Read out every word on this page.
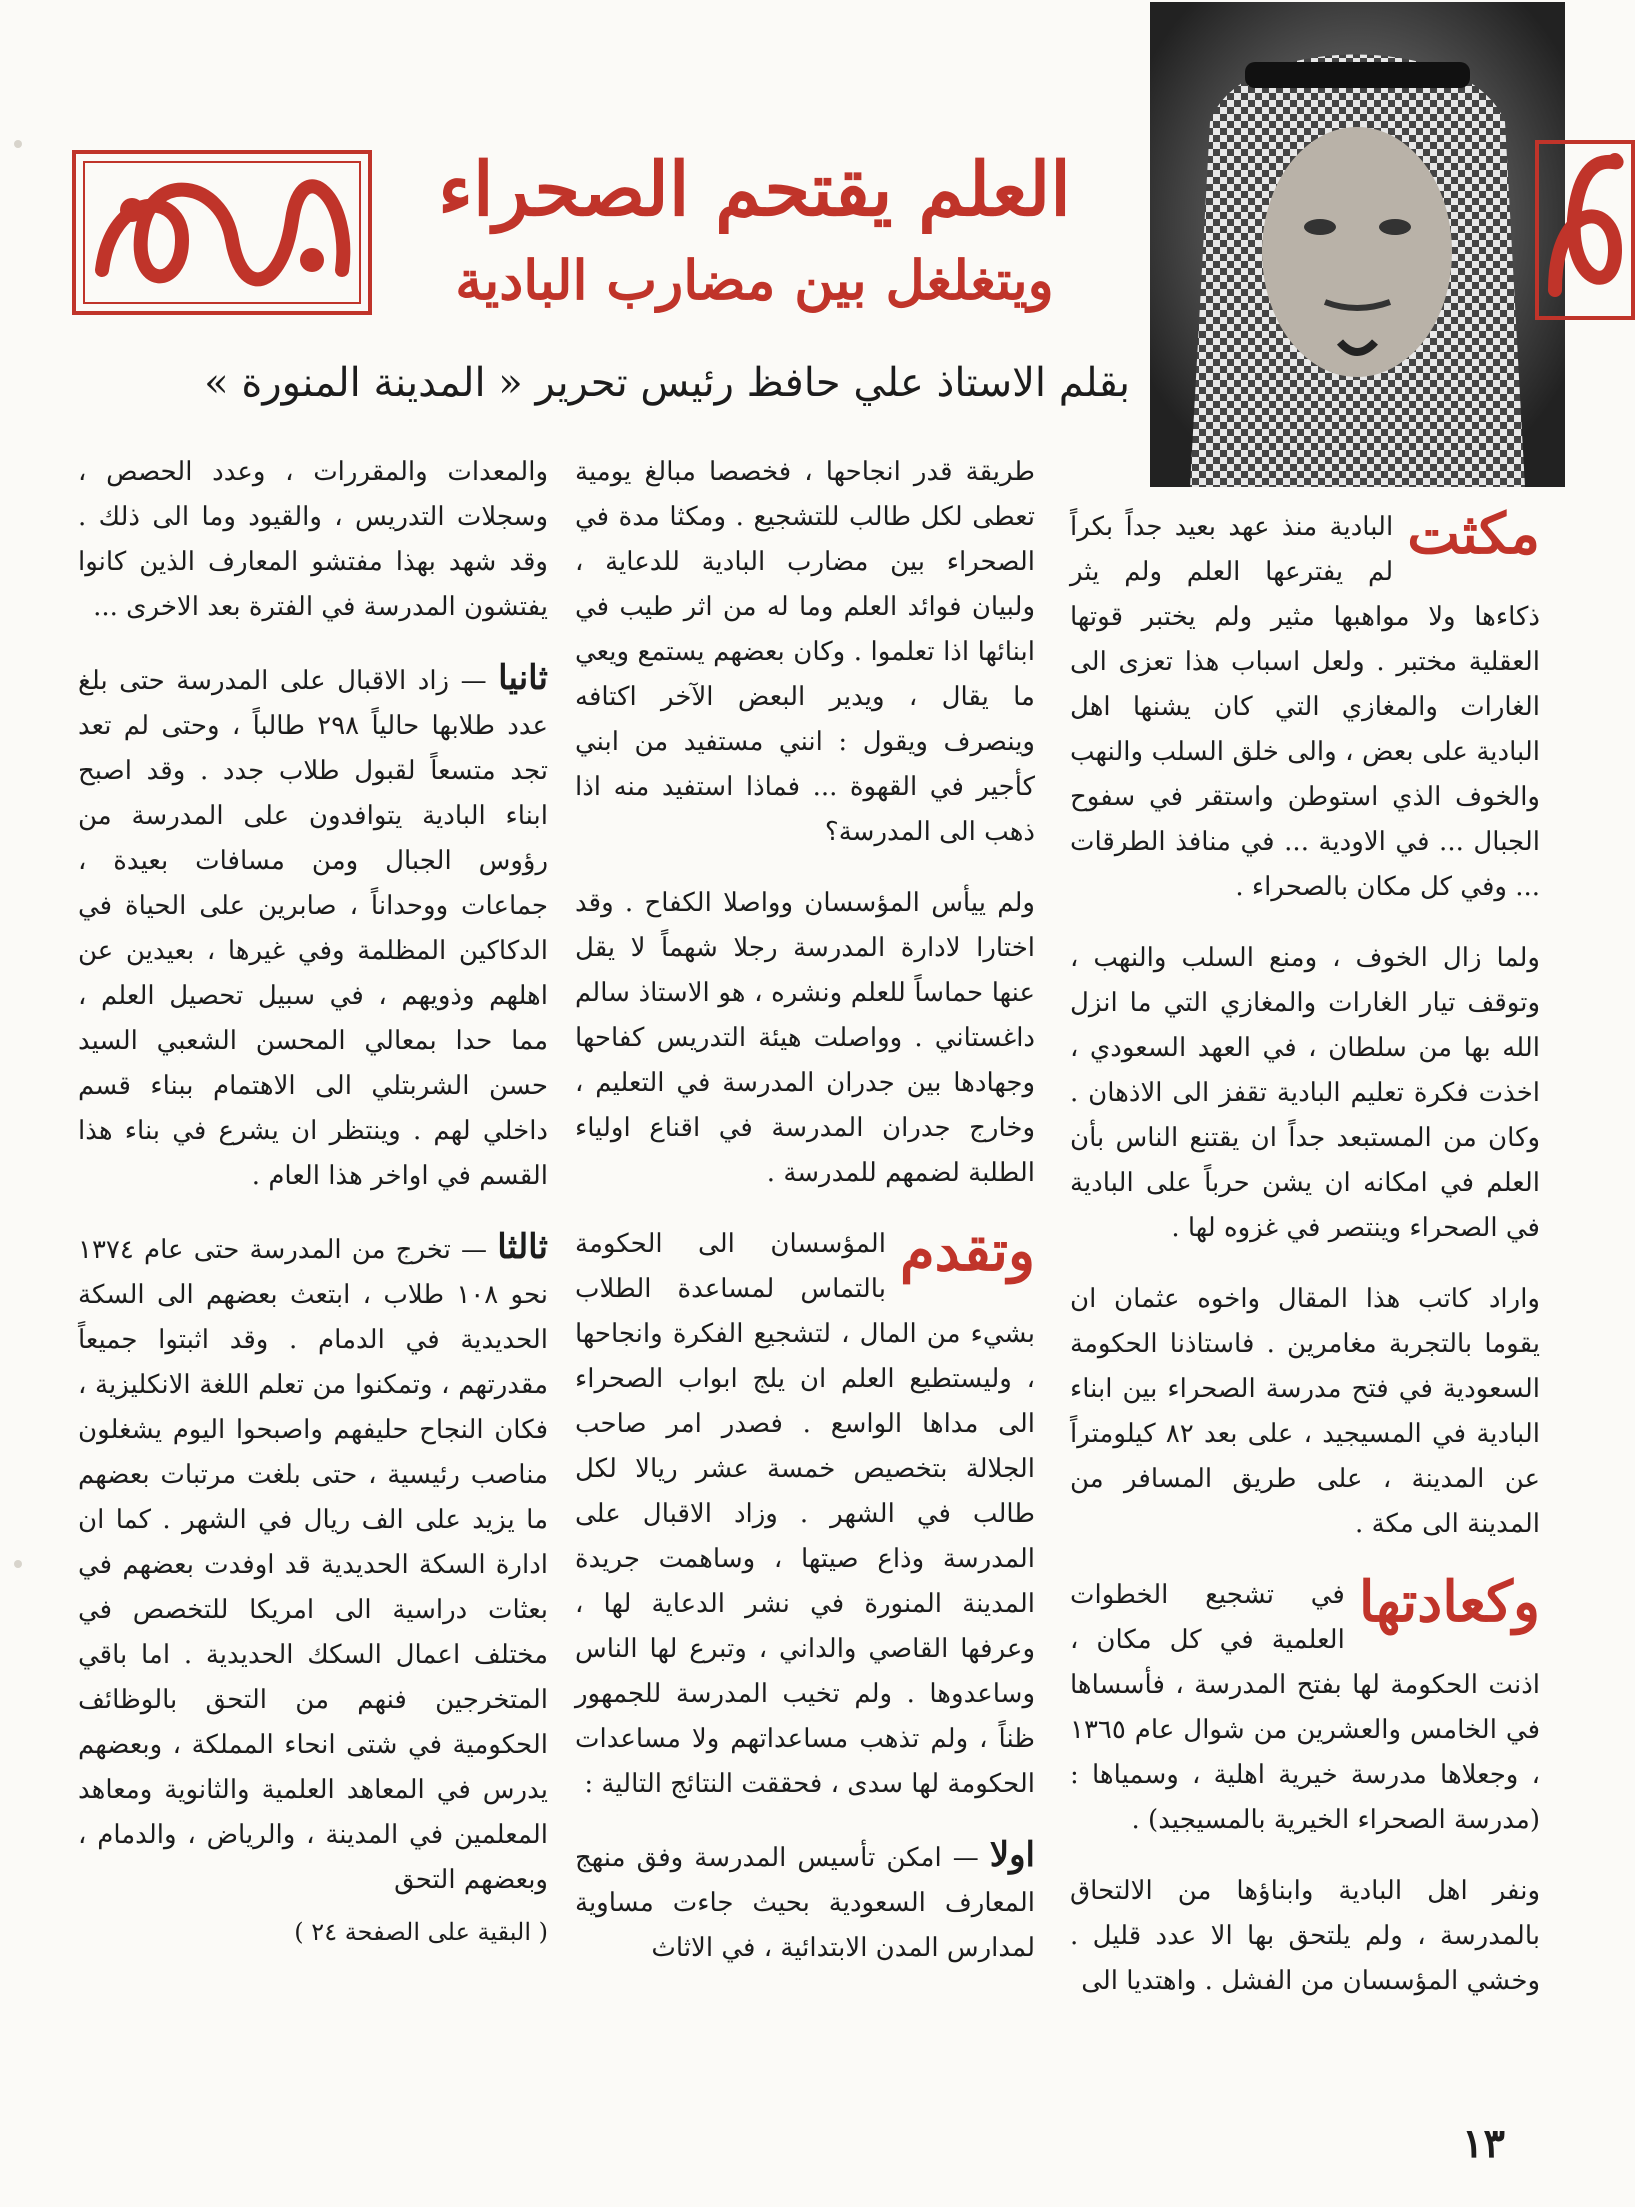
العلم يقتحم الصحراء
ويتغلغل بين مضارب البادية
بقلم الاستاذ علي حافظ رئيس تحرير « المدينة المنورة »

مكثت
البادية منذ عهد بعيد جداً بكراً لم يفترعها العلم ولم يثر ذكاءها ولا مواهبها مثير ولم يختبر قوتها العقلية مختبر . ولعل اسباب هذا تعزى الى الغارات والمغازي التي كان يشنها اهل البادية على بعض ، والى خلق السلب والنهب والخوف الذي استوطن واستقر في سفوح الجبال ... في الاودية ... في منافذ الطرقات ... وفي كل مكان بالصحراء .

ولما زال الخوف ، ومنع السلب والنهب ، وتوقف تيار الغارات والمغازي التي ما انزل الله بها من سلطان ، في العهد السعودي ، اخذت فكرة تعليم البادية تقفز الى الاذهان . وكان من المستبعد جداً ان يقتنع الناس بأن العلم في امكانه ان يشن حرباً على البادية في الصحراء وينتصر في غزوه لها .

واراد كاتب هذا المقال واخوه عثمان ان يقوما بالتجربة مغامرين . فاستاذنا الحكومة السعودية في فتح مدرسة الصحراء بين ابناء البادية في المسيجيد ، على بعد ٨٢ كيلومتراً عن المدينة ، على طريق المسافر من المدينة الى مكة .

وكعادتها
في تشجيع الخطوات العلمية في كل مكان ، اذنت الحكومة لها بفتح المدرسة ، فأسساها في الخامس والعشرين من شوال عام ١٣٦٥ ، وجعلاها مدرسة خيرية اهلية ، وسمياها : (مدرسة الصحراء الخيرية بالمسيجيد) .

ونفر اهل البادية وابناؤها من الالتحاق بالمدرسة ، ولم يلتحق بها الا عدد قليل . وخشي المؤسسان من الفشل . واهتديا الى

طريقة قدر انجاحها ، فخصصا مبالغ يومية تعطى لكل طالب للتشجيع . ومكثا مدة في الصحراء بين مضارب البادية للدعاية ، ولبيان فوائد العلم وما له من اثر طيب في ابنائها اذا تعلموا . وكان بعضهم يستمع ويعي ما يقال ، ويدير البعض الآخر اكتافه وينصرف ويقول : انني مستفيد من ابني كأجير في القهوة ... فماذا استفيد منه اذا ذهب الى المدرسة؟

ولم ييأس المؤسسان وواصلا الكفاح . وقد اختارا لادارة المدرسة رجلا شهماً لا يقل عنها حماساً للعلم ونشره ، هو الاستاذ سالم داغستاني . وواصلت هيئة التدريس كفاحها وجهادها بين جدران المدرسة في التعليم ، وخارج جدران المدرسة في اقناع اولياء الطلبة لضمهم للمدرسة .

وتقدم
المؤسسان الى الحكومة بالتماس لمساعدة الطلاب بشيء من المال ، لتشجيع الفكرة وانجاحها ، وليستطيع العلم ان يلج ابواب الصحراء الى مداها الواسع . فصدر امر صاحب الجلالة بتخصيص خمسة عشر ريالا لكل طالب في الشهر . وزاد الاقبال على المدرسة وذاع صيتها ، وساهمت جريدة المدينة المنورة في نشر الدعاية لها ، وعرفها القاصي والداني ، وتبرع لها الناس وساعدوها . ولم تخيب المدرسة للجمهور ظناً ، ولم تذهب مساعداتهم ولا مساعدات الحكومة لها سدى ، فحققت النتائج التالية :

اولا — امكن تأسيس المدرسة وفق منهج المعارف السعودية بحيث جاءت مساوية لمدارس المدن الابتدائية ، في الاثاث

والمعدات والمقررات ، وعدد الحصص ، وسجلات التدريس ، والقيود وما الى ذلك . وقد شهد بهذا مفتشو المعارف الذين كانوا يفتشون المدرسة في الفترة بعد الاخرى ...

ثانيا — زاد الاقبال على المدرسة حتى بلغ عدد طلابها حالياً ٢٩٨ طالباً ، وحتى لم تعد تجد متسعاً لقبول طلاب جدد . وقد اصبح ابناء البادية يتوافدون على المدرسة من رؤوس الجبال ومن مسافات بعيدة ، جماعات ووحداناً ، صابرين على الحياة في الدكاكين المظلمة وفي غيرها ، بعيدين عن اهلهم وذويهم ، في سبيل تحصيل العلم ، مما حدا بمعالي المحسن الشعبي السيد حسن الشربتلي الى الاهتمام ببناء قسم داخلي لهم . وينتظر ان يشرع في بناء هذا القسم في اواخر هذا العام .

ثالثا — تخرج من المدرسة حتى عام ١٣٧٤ نحو ١٠٨ طلاب ، ابتعث بعضهم الى السكة الحديدية في الدمام . وقد اثبتوا جميعاً مقدرتهم ، وتمكنوا من تعلم اللغة الانكليزية ، فكان النجاح حليفهم واصبحوا اليوم يشغلون مناصب رئيسية ، حتى بلغت مرتبات بعضهم ما يزيد على الف ريال في الشهر . كما ان ادارة السكة الحديدية قد اوفدت بعضهم في بعثات دراسية الى امريكا للتخصص في مختلف اعمال السكك الحديدية . اما باقي المتخرجين فنهم من التحق بالوظائف الحكومية في شتى انحاء المملكة ، وبعضهم يدرس في المعاهد العلمية والثانوية ومعاهد المعلمين في المدينة ، والرياض ، والدمام ، وبعضهم التحق

( البقية على الصفحة ٢٤ )
١٣
